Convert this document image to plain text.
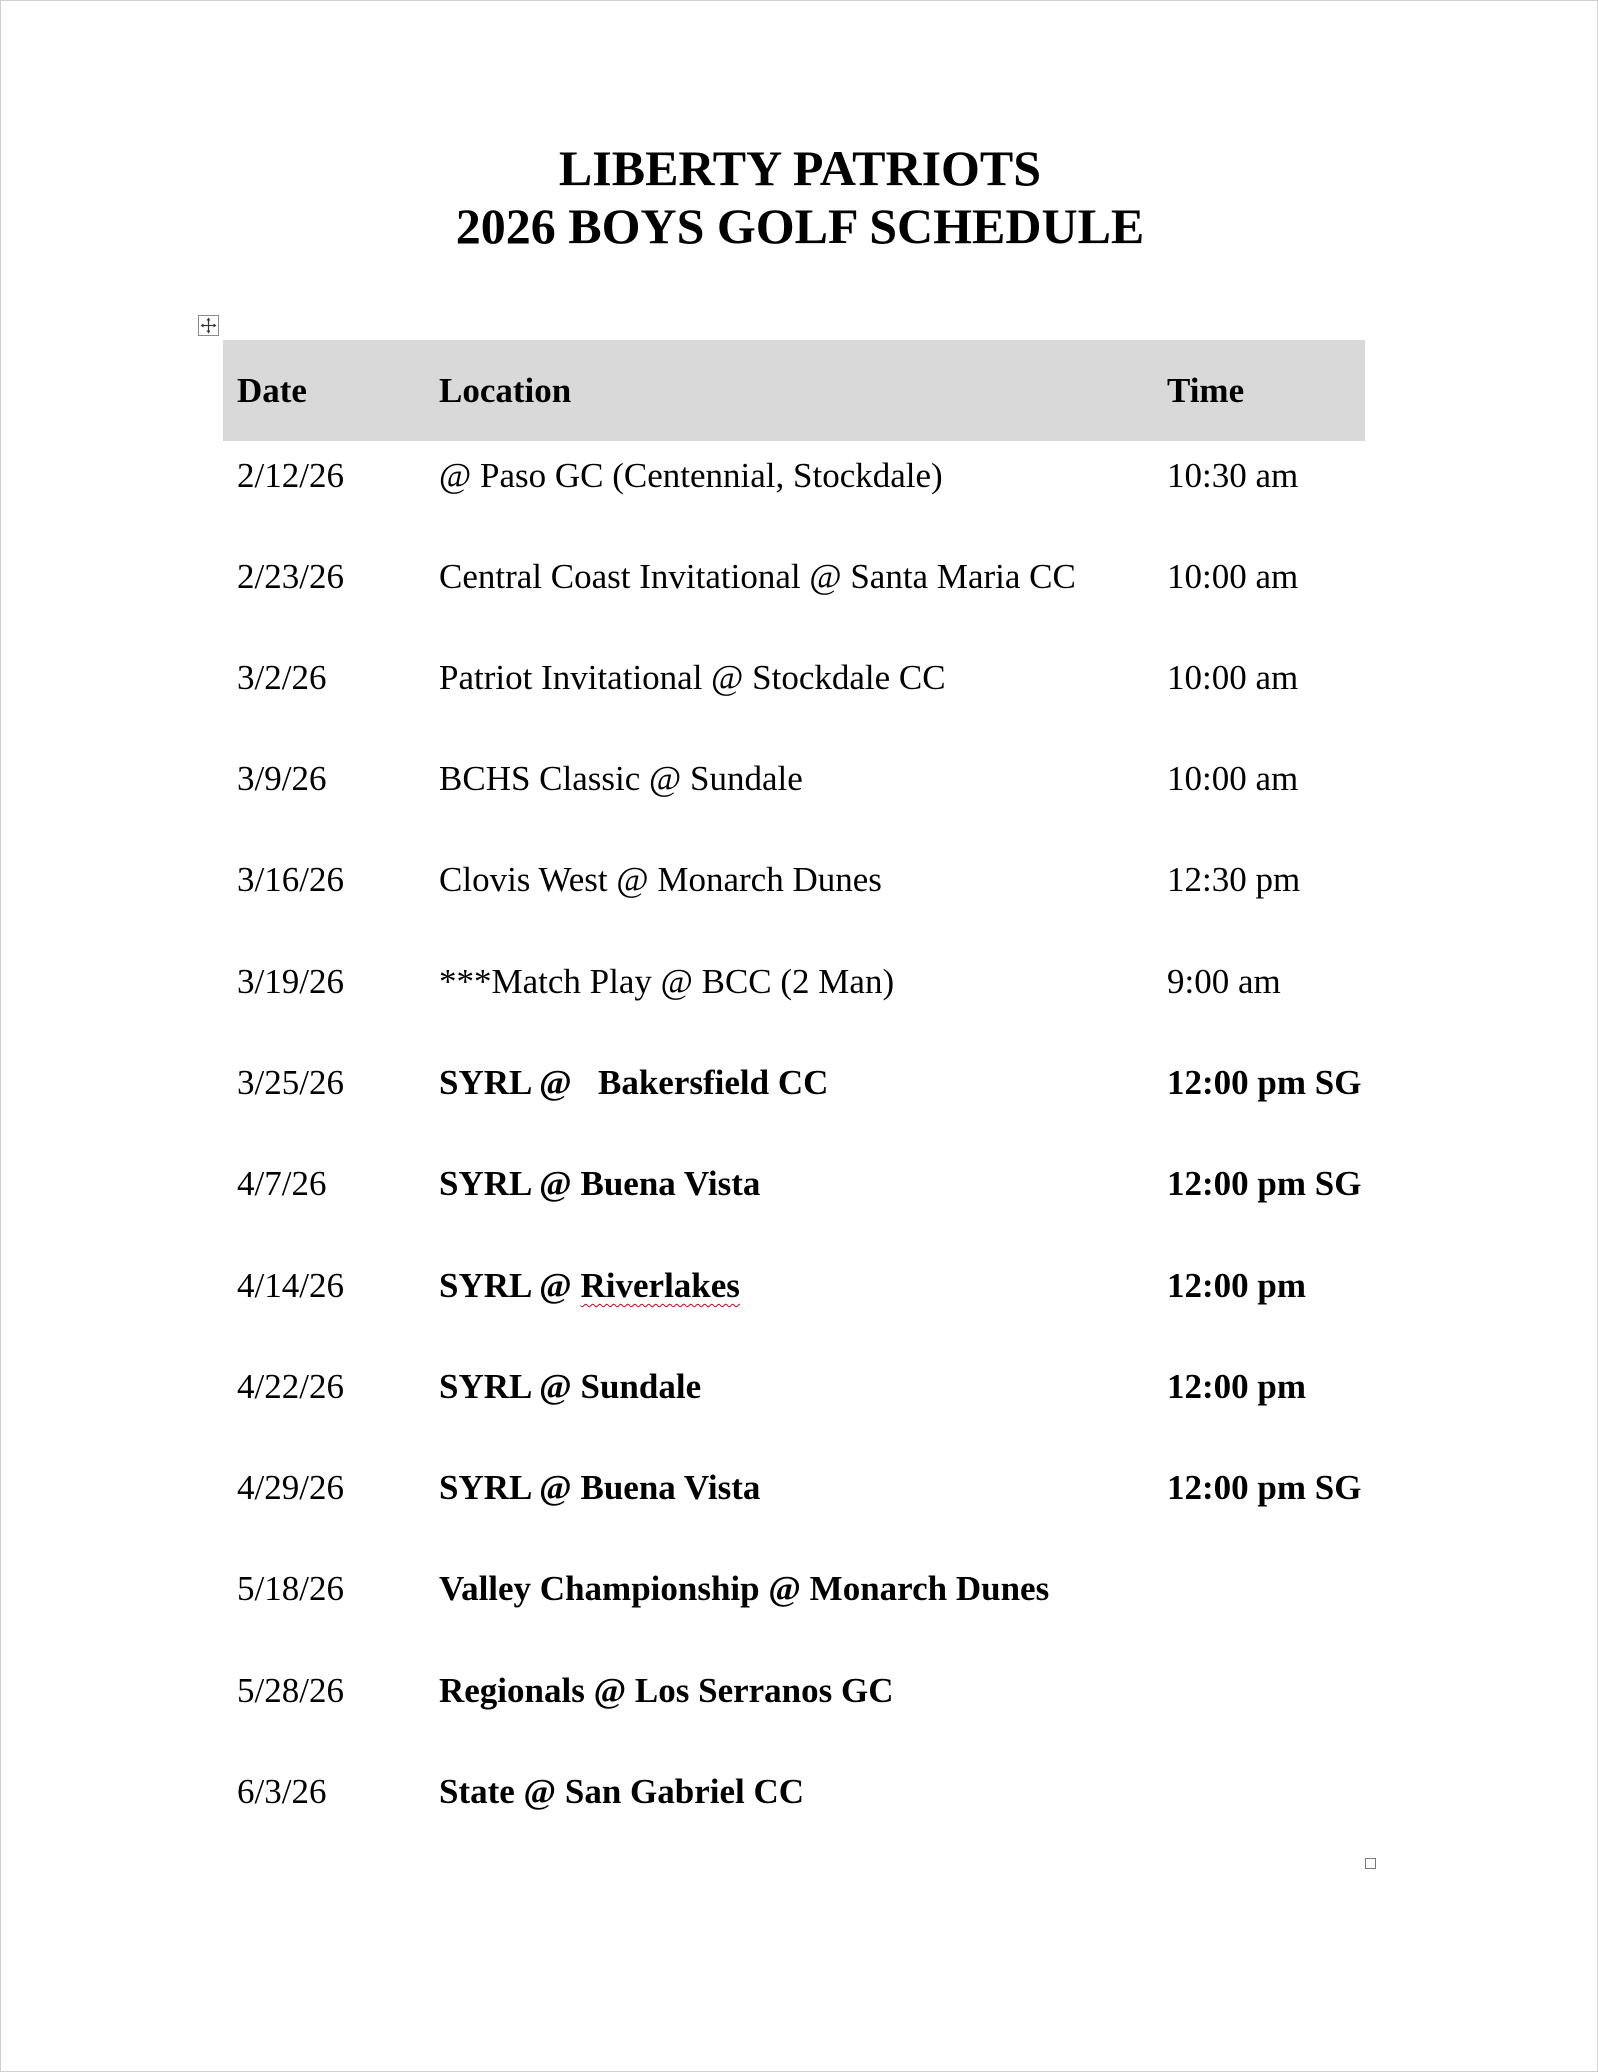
LIBERTY PATRIOTS
2026 BOYS GOLF SCHEDULE
Date	Location	Time
2/12/26	@ Paso GC (Centennial, Stockdale)	10:30 am
2/23/26	Central Coast Invitational @ Santa Maria CC	10:00 am
3/2/26	Patriot Invitational @ Stockdale CC	10:00 am
3/9/26	BCHS Classic @ Sundale	10:00 am
3/16/26	Clovis West @ Monarch Dunes	12:30 pm
3/19/26	***Match Play @ BCC (2 Man)	9:00 am
3/25/26	SYRL @   Bakersfield CC	12:00 pm SG
4/7/26	SYRL @ Buena Vista	12:00 pm SG
4/14/26	SYRL @ Riverlakes	12:00 pm
4/22/26	SYRL @ Sundale	12:00 pm
4/29/26	SYRL @ Buena Vista	12:00 pm SG
5/18/26	Valley Championship @ Monarch Dunes
5/28/26	Regionals @ Los Serranos GC
6/3/26	State @ San Gabriel CC
